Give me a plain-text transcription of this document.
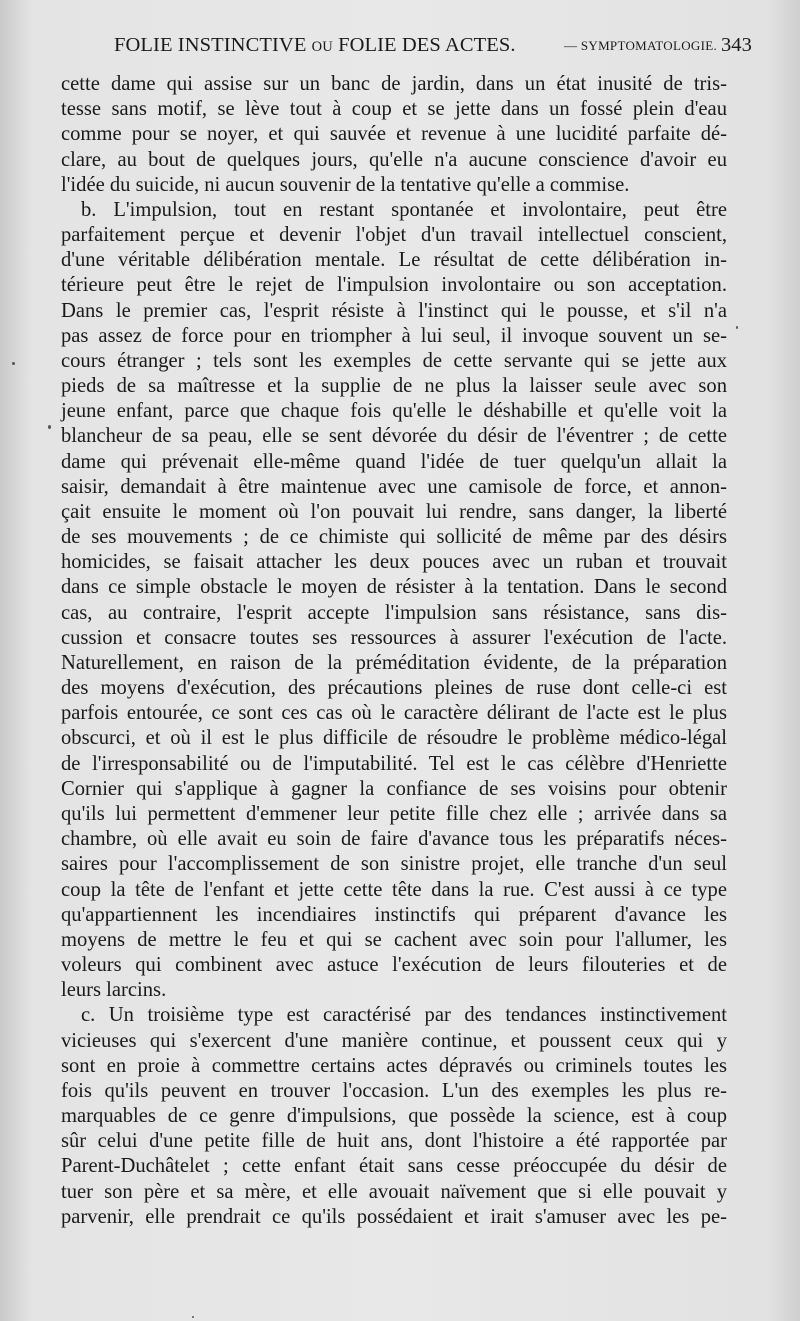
FOLIE INSTINCTIVE OU FOLIE DES ACTES.	— SYMPTOMATOLOGIE. 343
cette dame qui assise sur un banc de jardin, dans un état inusité de tris-
tesse sans motif, se lève tout à coup et se jette dans un fossé plein d'eau
comme pour se noyer, et qui sauvée et revenue à une lucidité parfaite dé-
clare, au bout de quelques jours, qu'elle n'a aucune conscience d'avoir eu
l'idée du suicide, ni aucun souvenir de la tentative qu'elle a commise.
b. L'impulsion, tout en restant spontanée et involontaire, peut être
parfaitement perçue et devenir l'objet d'un travail intellectuel conscient,
d'une véritable délibération mentale. Le résultat de cette délibération in-
térieure peut être le rejet de l'impulsion involontaire ou son acceptation.
Dans le premier cas, l'esprit résiste à l'instinct qui le pousse, et s'il n'a
pas assez de force pour en triompher à lui seul, il invoque souvent un se-
cours étranger ; tels sont les exemples de cette servante qui se jette aux
pieds de sa maîtresse et la supplie de ne plus la laisser seule avec son
jeune enfant, parce que chaque fois qu'elle le déshabille et qu'elle voit la
blancheur de sa peau, elle se sent dévorée du désir de l'éventrer ; de cette
dame qui prévenait elle-même quand l'idée de tuer quelqu'un allait la
saisir, demandait à être maintenue avec une camisole de force, et annon-
çait ensuite le moment où l'on pouvait lui rendre, sans danger, la liberté
de ses mouvements ; de ce chimiste qui sollicité de même par des désirs
homicides, se faisait attacher les deux pouces avec un ruban et trouvait
dans ce simple obstacle le moyen de résister à la tentation. Dans le second
cas, au contraire, l'esprit accepte l'impulsion sans résistance, sans dis-
cussion et consacre toutes ses ressources à assurer l'exécution de l'acte.
Naturellement, en raison de la préméditation évidente, de la préparation
des moyens d'exécution, des précautions pleines de ruse dont celle-ci est
parfois entourée, ce sont ces cas où le caractère délirant de l'acte est le plus
obscurci, et où il est le plus difficile de résoudre le problème médico-légal
de l'irresponsabilité ou de l'imputabilité. Tel est le cas célèbre d'Henriette
Cornier qui s'applique à gagner la confiance de ses voisins pour obtenir
qu'ils lui permettent d'emmener leur petite fille chez elle ; arrivée dans sa
chambre, où elle avait eu soin de faire d'avance tous les préparatifs néces-
saires pour l'accomplissement de son sinistre projet, elle tranche d'un seul
coup la tête de l'enfant et jette cette tête dans la rue. C'est aussi à ce type
qu'appartiennent les incendiaires instinctifs qui préparent d'avance les
moyens de mettre le feu et qui se cachent avec soin pour l'allumer, les
voleurs qui combinent avec astuce l'exécution de leurs filouteries et de
leurs larcins.
c. Un troisième type est caractérisé par des tendances instinctivement
vicieuses qui s'exercent d'une manière continue, et poussent ceux qui y
sont en proie à commettre certains actes dépravés ou criminels toutes les
fois qu'ils peuvent en trouver l'occasion. L'un des exemples les plus re-
marquables de ce genre d'impulsions, que possède la science, est à coup
sûr celui d'une petite fille de huit ans, dont l'histoire a été rapportée par
Parent-Duchâtelet ; cette enfant était sans cesse préoccupée du désir de
tuer son père et sa mère, et elle avouait naïvement que si elle pouvait y
parvenir, elle prendrait ce qu'ils possédaient et irait s'amuser avec les pe-
